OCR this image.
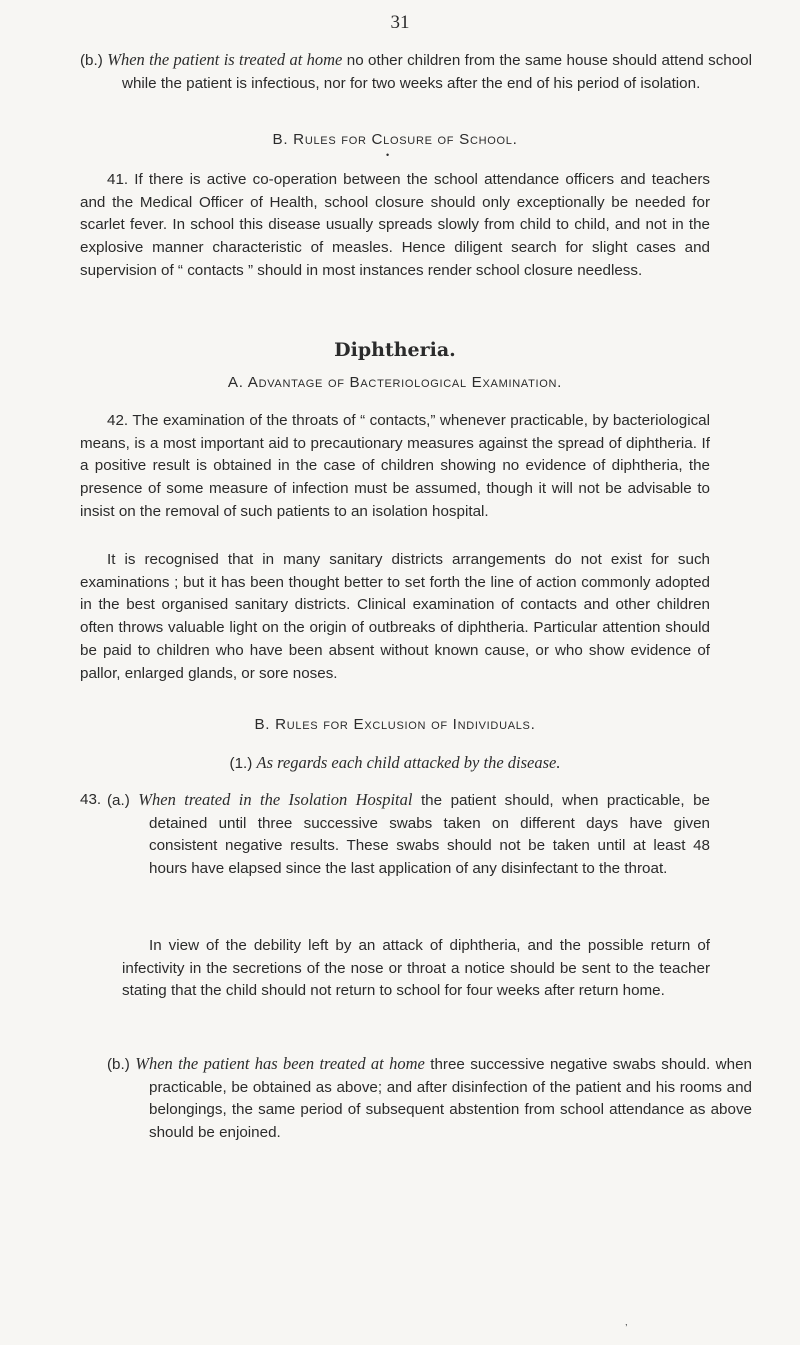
31

(b.) When the patient is treated at home no other children from the same house should attend school while the patient is infectious, nor for two weeks after the end of his period of isolation.

B. Rules for Closure of School.
•

41. If there is active co-operation between the school attendance officers and teachers and the Medical Officer of Health, school closure should only exceptionally be needed for scarlet fever. In school this disease usually spreads slowly from child to child, and not in the explosive manner characteristic of measles. Hence diligent search for slight cases and supervision of “ contacts ” should in most instances render school closure needless.

Diphtheria.
A. Advantage of Bacteriological Examination.

42. The examination of the throats of “ contacts,” whenever practicable, by bacteriological means, is a most important aid to precautionary measures against the spread of diphtheria. If a positive result is obtained in the case of children showing no evidence of diphtheria, the presence of some measure of infection must be assumed, though it will not be advisable to insist on the removal of such patients to an isolation hospital.

It is recognised that in many sanitary districts arrangements do not exist for such examinations ; but it has been thought better to set forth the line of action commonly adopted in the best organised sanitary districts. Clinical examination of contacts and other children often throws valuable light on the origin of outbreaks of diphtheria. Particular attention should be paid to children who have been absent without known cause, or who show evidence of pallor, enlarged glands, or sore noses.

B. Rules for Exclusion of Individuals.
(1.) As regards each child attacked by the disease.
43. (a.) When treated in the Isolation Hospital the patient should, when practicable, be detained until three successive swabs taken on different days have given consistent negative results. These swabs should not be taken until at least 48 hours have elapsed since the last application of any disinfectant to the throat.

In view of the debility left by an attack of diphtheria, and the possible return of infectivity in the secretions of the nose or throat a notice should be sent to the teacher stating that the child should not return to school for four weeks after return home.

(b.) When the patient has been treated at home three successive negative swabs should. when practicable, be obtained as above; and after disinfection of the patient and his rooms and belongings, the same period of subsequent abstention from school attendance as above should be enjoined.

,
